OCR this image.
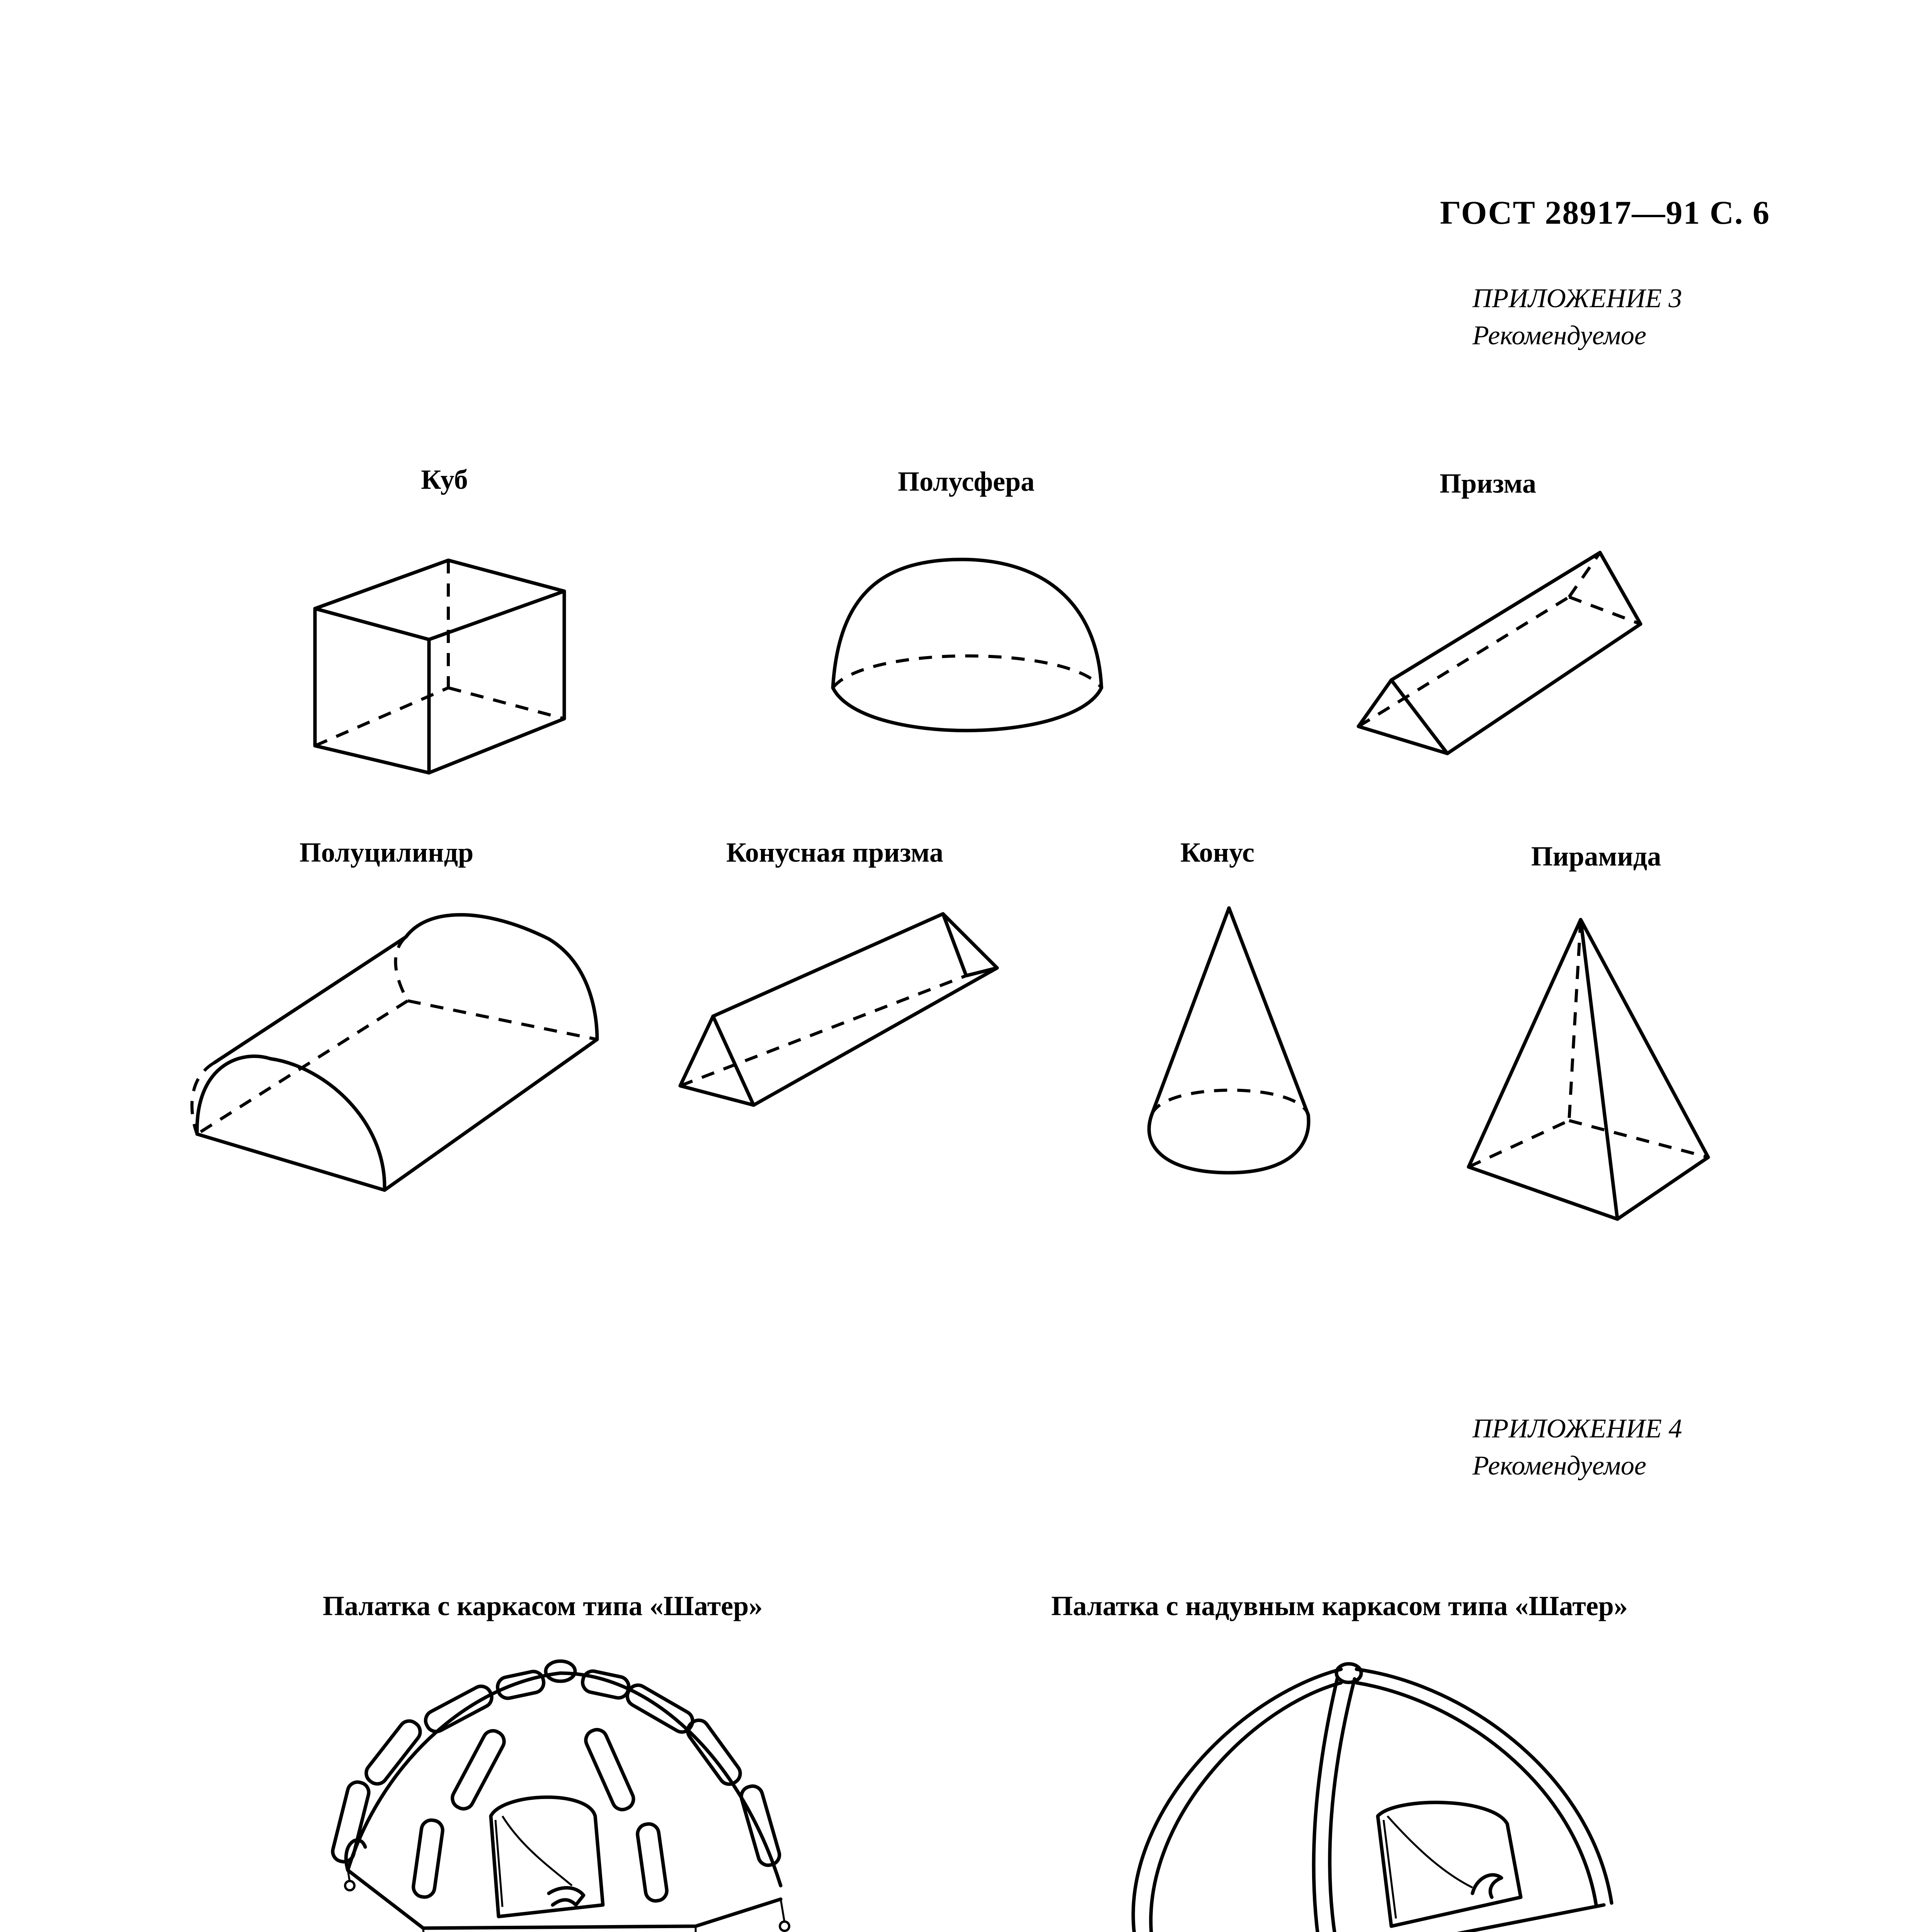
ГОСТ 28917—91 С. 6
ПРИЛОЖЕНИЕ 3
Рекомендуемое
Куб	Полусфера	Призма
Полуцилиндр	Конусная призма	Конус	Пирамида
ПРИЛОЖЕНИЕ 4
Рекомендуемое
Палатка с каркасом типа «Шатер»	Палатка с надувным каркасом типа «Шатер»
